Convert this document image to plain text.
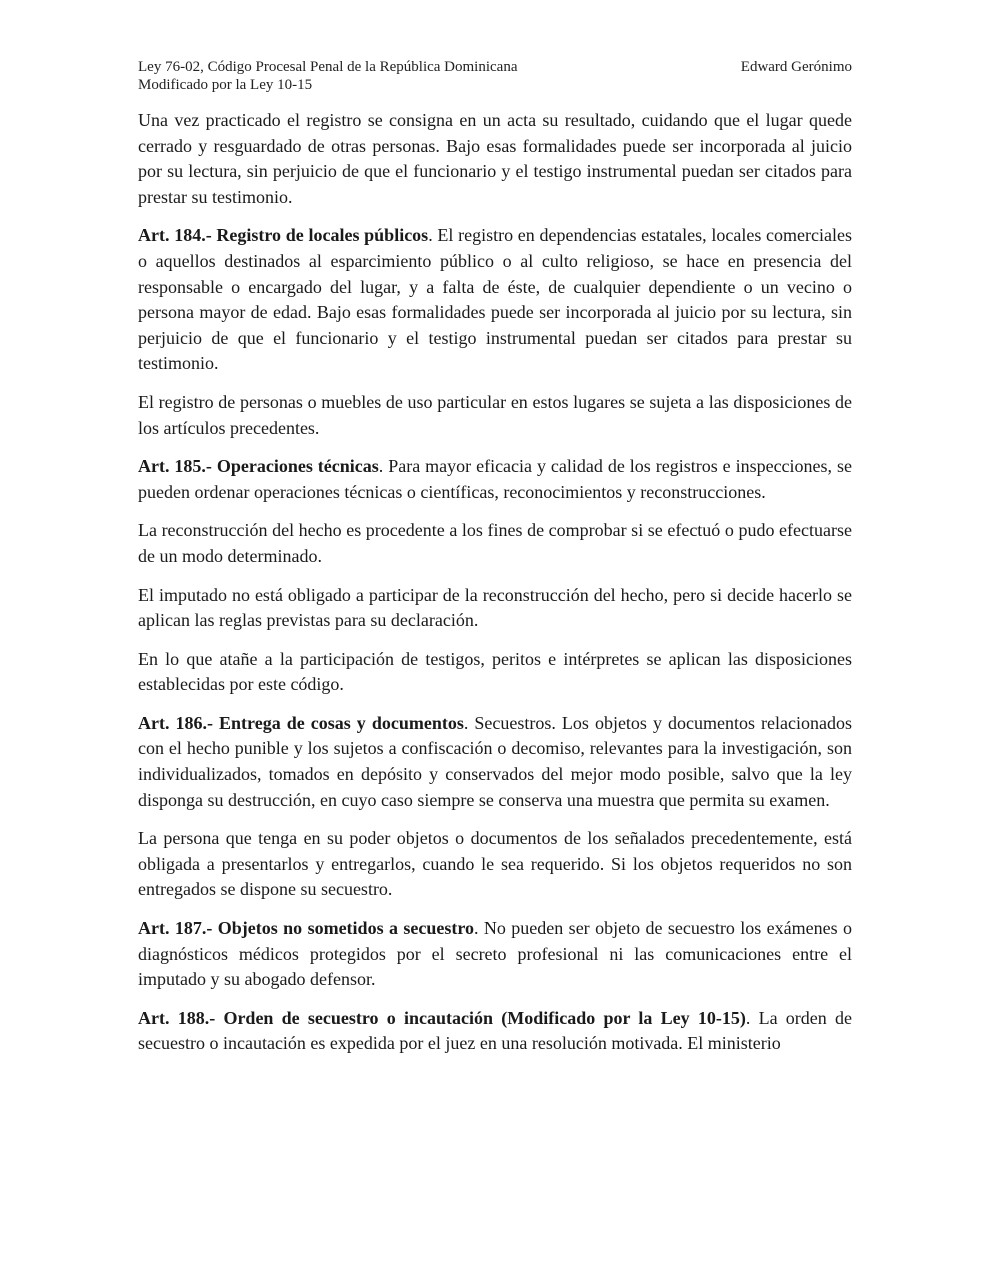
Ley 76-02, Código Procesal Penal de la República Dominicana
Modificado por la Ley 10-15
Edward Gerónimo

Una vez practicado el registro se consigna en un acta su resultado, cuidando que el lugar quede cerrado y resguardado de otras personas. Bajo esas formalidades puede ser incorporada al juicio por su lectura, sin perjuicio de que el funcionario y el testigo instrumental puedan ser citados para prestar su testimonio.

Art. 184.- Registro de locales públicos. El registro en dependencias estatales, locales comerciales o aquellos destinados al esparcimiento público o al culto religioso, se hace en presencia del responsable o encargado del lugar, y a falta de éste, de cualquier dependiente o un vecino o persona mayor de edad. Bajo esas formalidades puede ser incorporada al juicio por su lectura, sin perjuicio de que el funcionario y el testigo instrumental puedan ser citados para prestar su testimonio.

El registro de personas o muebles de uso particular en estos lugares se sujeta a las disposiciones de los artículos precedentes.

Art. 185.- Operaciones técnicas. Para mayor eficacia y calidad de los registros e inspecciones, se pueden ordenar operaciones técnicas o científicas, reconocimientos y reconstrucciones.

La reconstrucción del hecho es procedente a los fines de comprobar si se efectuó o pudo efectuarse de un modo determinado.

El imputado no está obligado a participar de la reconstrucción del hecho, pero si decide hacerlo se aplican las reglas previstas para su declaración.

En lo que atañe a la participación de testigos, peritos e intérpretes se aplican las disposiciones establecidas por este código.

Art. 186.- Entrega de cosas y documentos. Secuestros. Los objetos y documentos relacionados con el hecho punible y los sujetos a confiscación o decomiso, relevantes para la investigación, son individualizados, tomados en depósito y conservados del mejor modo posible, salvo que la ley disponga su destrucción, en cuyo caso siempre se conserva una muestra que permita su examen.

La persona que tenga en su poder objetos o documentos de los señalados precedentemente, está obligada a presentarlos y entregarlos, cuando le sea requerido. Si los objetos requeridos no son entregados se dispone su secuestro.

Art. 187.- Objetos no sometidos a secuestro. No pueden ser objeto de secuestro los exámenes o diagnósticos médicos protegidos por el secreto profesional ni las comunicaciones entre el imputado y su abogado defensor.

Art. 188.- Orden de secuestro o incautación (Modificado por la Ley 10-15). La orden de secuestro o incautación es expedida por el juez en una resolución motivada. El ministerio
